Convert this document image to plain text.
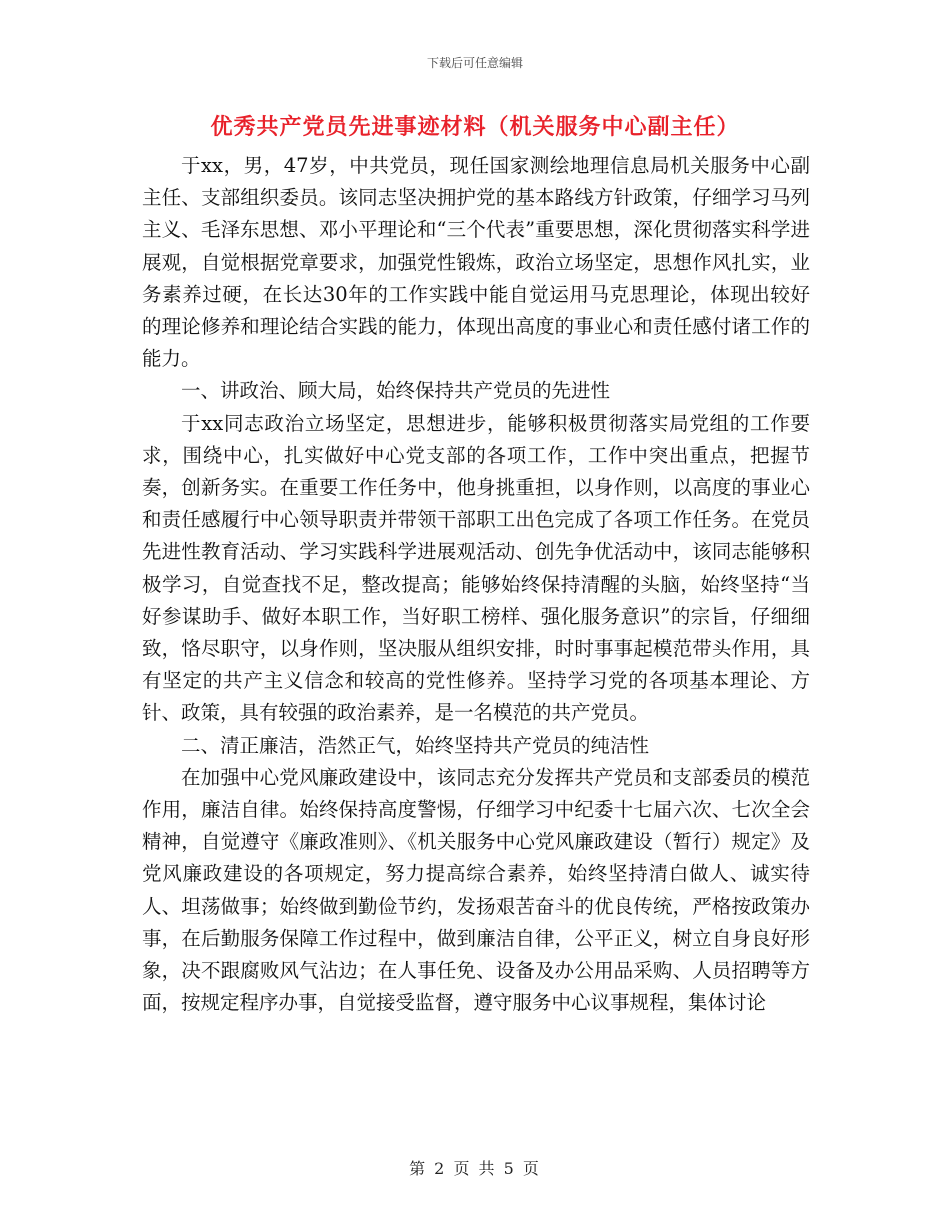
下载后可任意编辑
优秀共产党员先进事迹材料（机关服务中心副主任）

于xx，男，47岁，中共党员，现任国家测绘地理信息局机关服务中心副主任、支部组织委员。该同志坚决拥护党的基本路线方针政策，仔细学习马列主义、毛泽东思想、邓小平理论和“三个代表”重要思想，深化贯彻落实科学进展观，自觉根据党章要求，加强党性锻炼，政治立场坚定，思想作风扎实，业务素养过硬，在长达30年的工作实践中能自觉运用马克思理论，体现出较好的理论修养和理论结合实践的能力，体现出高度的事业心和责任感付诸工作的能力。

一、讲政治、顾大局，始终保持共产党员的先进性

于xx同志政治立场坚定，思想进步，能够积极贯彻落实局党组的工作要求，围绕中心，扎实做好中心党支部的各项工作，工作中突出重点，把握节奏，创新务实。在重要工作任务中，他身挑重担，以身作则，以高度的事业心和责任感履行中心领导职责并带领干部职工出色完成了各项工作任务。在党员先进性教育活动、学习实践科学进展观活动、创先争优活动中，该同志能够积极学习，自觉查找不足，整改提高；能够始终保持清醒的头脑，始终坚持“当好参谋助手、做好本职工作，当好职工榜样、强化服务意识”的宗旨，仔细细致，恪尽职守，以身作则，坚决服从组织安排，时时事事起模范带头作用，具有坚定的共产主义信念和较高的党性修养。坚持学习党的各项基本理论、方针、政策，具有较强的政治素养，是一名模范的共产党员。

二、清正廉洁，浩然正气，始终坚持共产党员的纯洁性

在加强中心党风廉政建设中，该同志充分发挥共产党员和支部委员的模范作用，廉洁自律。始终保持高度警惕，仔细学习中纪委十七届六次、七次全会精神，自觉遵守《廉政准则》、《机关服务中心党风廉政建设（暂行）规定》及党风廉政建设的各项规定，努力提高综合素养，始终坚持清白做人、诚实待人、坦荡做事；始终做到勤俭节约，发扬艰苦奋斗的优良传统，严格按政策办事，在后勤服务保障工作过程中，做到廉洁自律，公平正义，树立自身良好形象，决不跟腐败风气沾边；在人事任免、设备及办公用品采购、人员招聘等方面，按规定程序办事，自觉接受监督，遵守服务中心议事规程，集体讨论

第 2 页 共 5 页
